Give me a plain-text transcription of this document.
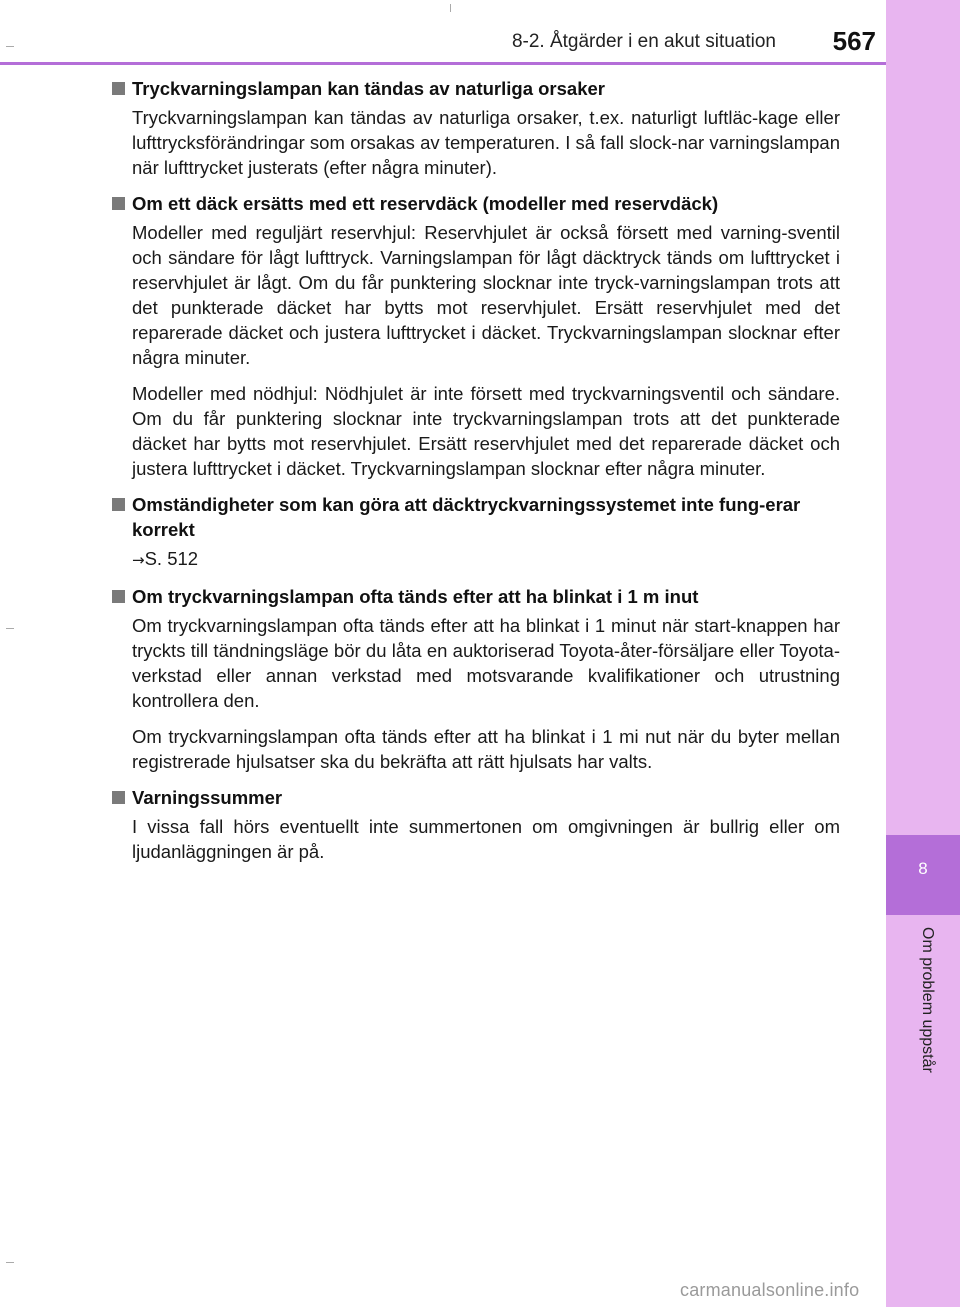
8-2. Åtgärder i en akut situation 567
8
Om problem uppstår
Tryckvarningslampan kan tändas av naturliga orsaker

Tryckvarningslampan kan tändas av naturliga orsaker, t.ex. naturligt luftläc-kage eller lufttrycksförändringar som orsakas av temperaturen. I så fall slock-nar varningslampan när lufttrycket justerats (efter några minuter).

Om ett däck ersätts med ett reservdäck (modeller med reservdäck)

Modeller med reguljärt reservhjul: Reservhjulet är också försett med varning-sventil och sändare för lågt lufttryck. Varningslampan för lågt däcktryck tänds om lufttrycket i reservhjulet är lågt. Om du får punktering slocknar inte tryck-varningslampan trots att det punkterade däcket har bytts mot reservhjulet. Ersätt reservhjulet med det reparerade däcket och justera lufttrycket i däcket. Tryckvarningslampan slocknar efter några minuter.

Modeller med nödhjul: Nödhjulet är inte försett med tryckvarningsventil och sändare. Om du får punktering slocknar inte tryckvarningslampan trots att det punkterade däcket har bytts mot reservhjulet. Ersätt reservhjulet med det reparerade däcket och justera lufttrycket i däcket. Tryckvarningslampan slocknar efter några minuter.

Omständigheter som kan göra att däcktryckvarningssystemet inte fung-erar korrekt

→S. 512

Om tryckvarningslampan ofta tänds efter att ha blinkat i 1 m inut

Om tryckvarningslampan ofta tänds efter att ha blinkat i 1 minut när start-knappen har tryckts till tändningsläge bör du låta en auktoriserad Toyota-åter-försäljare eller Toyota-verkstad eller annan verkstad med motsvarande kvalifikationer och utrustning kontrollera den.

Om tryckvarningslampan ofta tänds efter att ha blinkat i 1 mi nut när du byter mellan registrerade hjulsatser ska du bekräfta att rätt hjulsats har valts.

Varningssummer

I vissa fall hörs eventuellt inte summertonen om omgivningen är bullrig eller om ljudanläggningen är på.

carmanualsonline.info
